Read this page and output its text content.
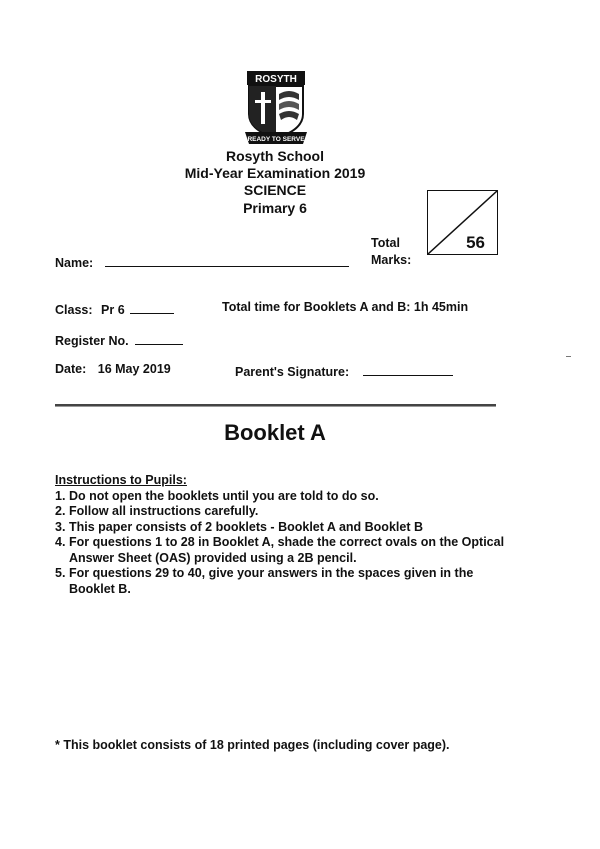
ROSYTH
READY TO SERVE
Rosyth School
Mid-Year Examination 2019
SCIENCE
Primary 6
Total
Marks:
56
Name:
Class: Pr 6	Total time for Booklets A and B: 1h 45min
Register No.
Date: 16 May 2019	Parent's Signature:
Booklet A
Instructions to Pupils:
1. Do not open the booklets until you are told to do so.
2. Follow all instructions carefully.
3. This paper consists of 2 booklets - Booklet A and Booklet B
4. For questions 1 to 28 in Booklet A, shade the correct ovals on the Optical Answer Sheet (OAS) provided using a 2B pencil.
5. For questions 29 to 40, give your answers in the spaces given in the Booklet B.
* This booklet consists of 18 printed pages (including cover page).
